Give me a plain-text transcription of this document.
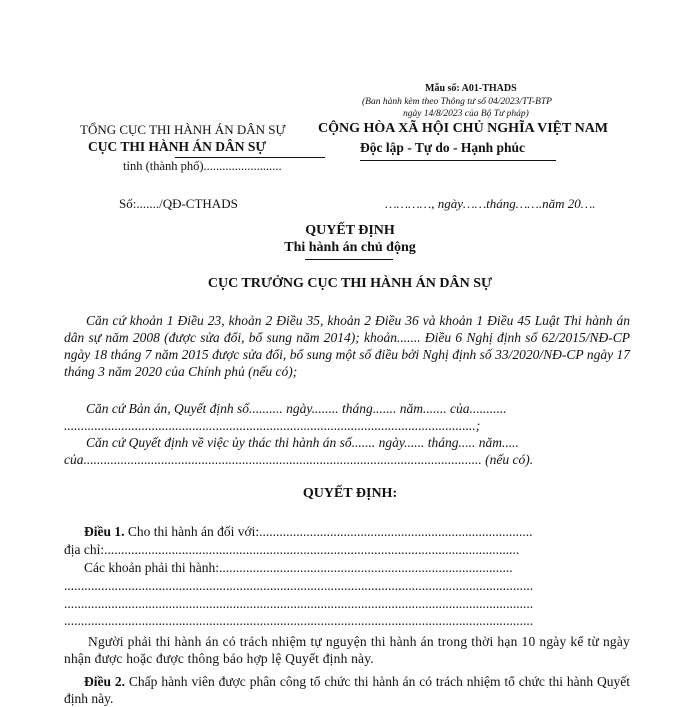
Mẫu số: A01-THADS
(Ban hành kèm theo Thông tư số 04/2023/TT-BTP
ngày 14/8/2023 của Bộ Tư pháp)
TỔNG CỤC THI HÀNH ÁN DÂN SỰ
CỤC THI HÀNH ÁN DÂN SỰ
tỉnh (thành phố).........................
CỘNG HÒA XÃ HỘI CHỦ NGHĨA VIỆT NAM
Độc lập - Tự do - Hạnh phúc
Số:......./QĐ-CTHADS	…………, ngày……tháng…….năm 20….
QUYẾT ĐỊNH
Thi hành án chủ động
CỤC TRƯỞNG CỤC THI HÀNH ÁN DÂN SỰ
Căn cứ khoản 1 Điều 23, khoản 2 Điều 35, khoản 2 Điều 36 và khoản 1 Điều 45 Luật Thi hành án dân sự năm 2008 (được sửa đổi, bổ sung năm 2014); khoản....... Điều 6 Nghị định số 62/2015/NĐ-CP ngày 18 tháng 7 năm 2015 được sửa đổi, bổ sung một số điều bởi Nghị định số 33/2020/NĐ-CP ngày 17 tháng 3 năm 2020 của Chính phủ (nếu có);
Căn cứ Bản án, Quyết định số.......... ngày........ tháng....... năm....... của...........
..........................................................................................................................;
Căn cứ Quyết định về việc ủy thác thi hành án số....... ngày...... tháng..... năm.....
của...................................................................................................................... (nếu có).
QUYẾT ĐỊNH:
Điều 1. Cho thi hành án đối với:.................................................................................
địa chỉ:...........................................................................................................................
Các khoản phải thi hành:.......................................................................................
...........................................................................................................................................
...........................................................................................................................................
...........................................................................................................................................
Người phải thi hành án có trách nhiệm tự nguyện thi hành án trong thời hạn 10 ngày kể từ ngày nhận được hoặc được thông báo hợp lệ Quyết định này.
Điều 2. Chấp hành viên được phân công tổ chức thi hành án có trách nhiệm tổ chức thi hành Quyết định này.
